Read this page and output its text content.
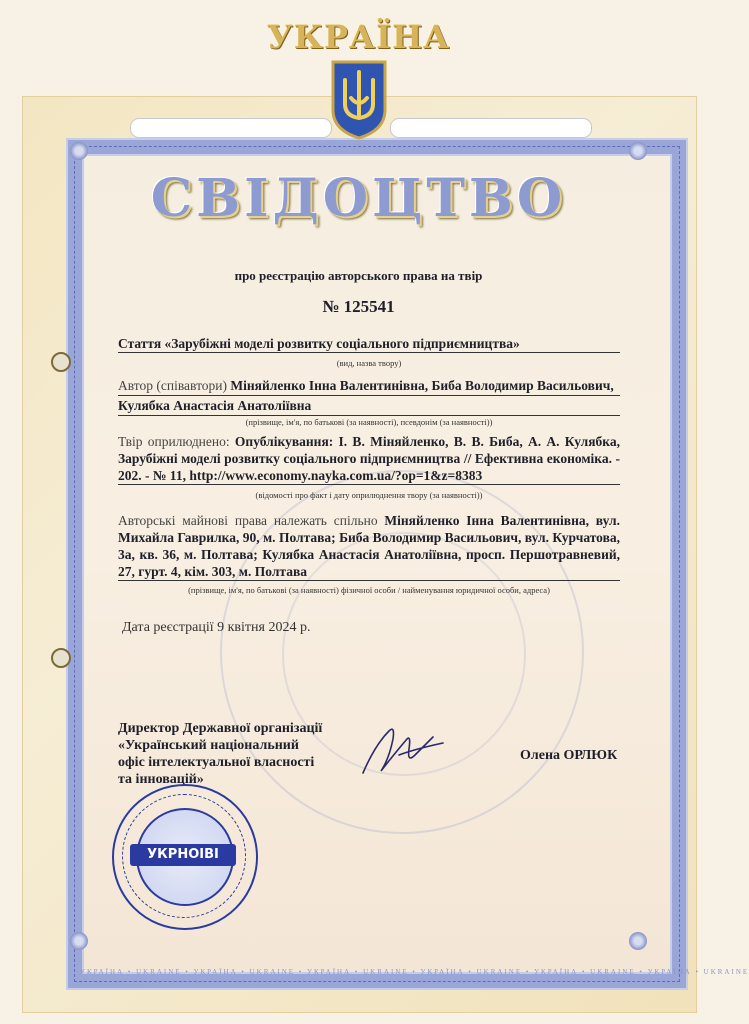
УКРАЇНА
СВІДОЦТВО
про реєстрацію авторського права на твір
№ 125541
Стаття «Зарубіжні моделі розвитку соціального підприємництва»
(вид, назва твору)
Автор (співавтори) Міняйленко Інна Валентинівна, Биба Володимир Васильович,
Кулябка Анастасія Анатоліївна
(прізвище, ім'я, по батькові (за наявності), псевдонім (за наявності))
Твір оприлюднено: Опублікування: І. В. Міняйленко, В. В. Биба, А. А. Кулябка, Зарубіжні моделі розвитку соціального підприємництва // Ефективна економіка. - 202. - № 11, http://www.economy.nayka.com.ua/?op=1&z=8383
(відомості про факт і дату оприлюднення твору (за наявності))
Авторські майнові права належать спільно Міняйленко Інна Валентинівна, вул. Михайла Гаврилка, 90, м. Полтава; Биба Володимир Васильович, вул. Курчатова, 3а, кв. 36, м. Полтава; Кулябка Анастасія Анатоліївна, просп. Першотравневий, 27, гурт. 4, кім. 303, м. Полтава
(прізвище, ім'я, по батькові (за наявності) фізичної особи / найменування юридичної особи, адреса)
Дата реєстрації 9 квітня 2024 р.
Директор Державної організації
«Український національний
офіс інтелектуальної власності
та інновацій»
Олена ОРЛЮК
УКРНОІВІ
УКРАЇНА • UKRAINE • УКРАЇНА • UKRAINE • УКРАЇНА • UKRAINE • УКРАЇНА • UKRAINE • УКРАЇНА • UKRAINE • УКРАЇНА • UKRAINE
